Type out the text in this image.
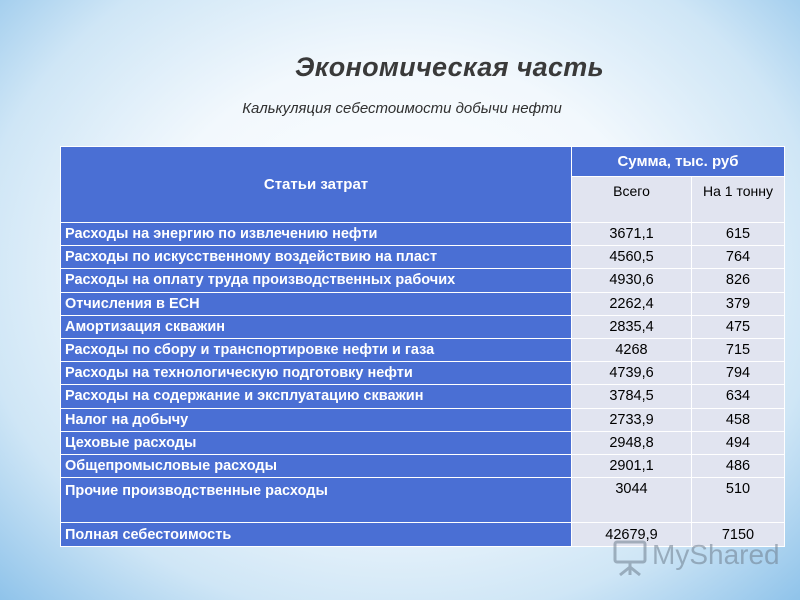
Экономическая часть

Калькуляция себестоимости добычи нефти

Статьи затрат	Сумма, тыс. руб	
	Всего	На 1 тонну
Расходы на энергию по извлечению нефти	3671,1	615
Расходы по искусственному воздействию на пласт	4560,5	764
Расходы на оплату труда производственных рабочих	4930,6	826
Отчисления в ЕСН	2262,4	379
Амортизация скважин	2835,4	475
Расходы по сбору и транспортировке нефти и газа	4268	715
Расходы на технологическую подготовку нефти	4739,6	794
Расходы на содержание и эксплуатацию скважин	3784,5	634
Налог на добычу	2733,9	458
Цеховые расходы	2948,8	494
Общепромысловые расходы	2901,1	486
Прочие производственные расходы	3044	510
Полная себестоимость	42679,9	7150
MyShared
